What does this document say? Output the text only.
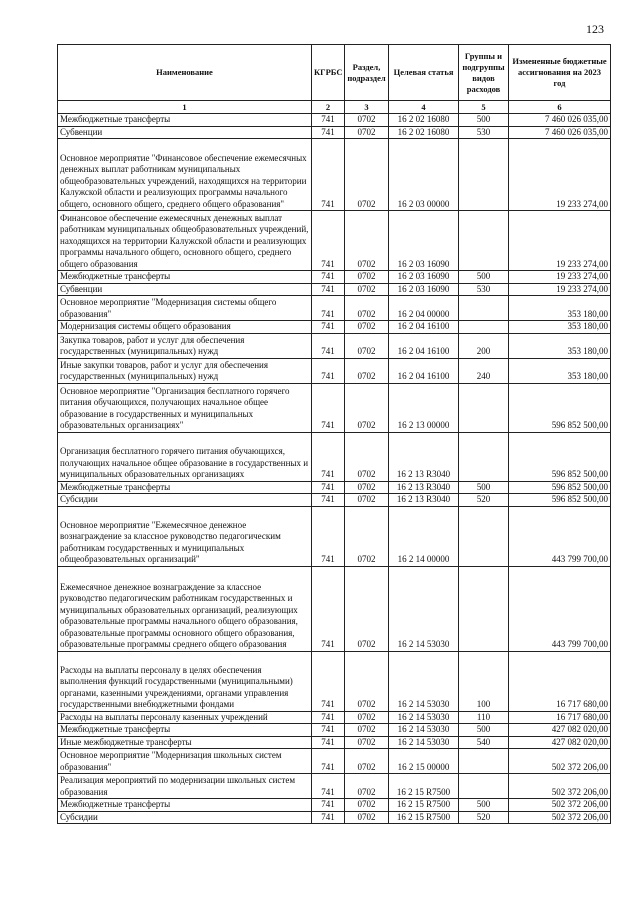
123
Наименование	КГРБС	Раздел, подраздел	Целевая статья	Группы и подгруппы видов расходов	Измененные бюджетные ассигнования на 2023 год
1	2	3	4	5	6
Межбюджетные трансферты	741	0702	16 2 02 16080	500	7 460 026 035,00
Субвенции	741	0702	16 2 02 16080	530	7 460 026 035,00
Основное мероприятие "Финансовое обеспечение ежемесячных денежных выплат работникам муниципальных общеобразовательных учреждений, находящихся на территории Калужской области и реализующих программы начального общего, основного общего, среднего общего образования"	741	0702	16 2 03 00000		19 233 274,00
Финансовое обеспечение ежемесячных денежных выплат работникам муниципальных общеобразовательных учреждений, находящихся на территории Калужской области и реализующих программы начального общего, основного общего, среднего общего образования	741	0702	16 2 03 16090		19 233 274,00
Межбюджетные трансферты	741	0702	16 2 03 16090	500	19 233 274,00
Субвенции	741	0702	16 2 03 16090	530	19 233 274,00
Основное мероприятие "Модернизация системы общего образования"	741	0702	16 2 04 00000		353 180,00
Модернизация системы общего образования	741	0702	16 2 04 16100		353 180,00
Закупка товаров, работ и услуг для обеспечения государственных (муниципальных) нужд	741	0702	16 2 04 16100	200	353 180,00
Иные закупки товаров, работ и услуг для обеспечения государственных (муниципальных) нужд	741	0702	16 2 04 16100	240	353 180,00
Основное мероприятие "Организация бесплатного горячего питания обучающихся, получающих начальное общее образование в государственных и муниципальных образовательных организациях"	741	0702	16 2 13 00000		596 852 500,00
Организация бесплатного горячего питания обучающихся, получающих начальное общее образование в государственных и муниципальных образовательных организациях	741	0702	16 2 13 R3040		596 852 500,00
Межбюджетные трансферты	741	0702	16 2 13 R3040	500	596 852 500,00
Субсидии	741	0702	16 2 13 R3040	520	596 852 500,00
Основное мероприятие "Ежемесячное денежное вознаграждение за классное руководство педагогическим работникам государственных и муниципальных общеобразовательных организаций"	741	0702	16 2 14 00000		443 799 700,00
Ежемесячное денежное вознаграждение за классное руководство педагогическим работникам государственных и муниципальных образовательных организаций, реализующих образовательные программы начального общего образования, образовательные программы основного общего образования, образовательные программы среднего общего образования	741	0702	16 2 14 53030		443 799 700,00
Расходы на выплаты персоналу в целях обеспечения выполнения функций государственными (муниципальными) органами, казенными учреждениями, органами управления государственными внебюджетными фондами	741	0702	16 2 14 53030	100	16 717 680,00
Расходы на выплаты персоналу казенных учреждений	741	0702	16 2 14 53030	110	16 717 680,00
Межбюджетные трансферты	741	0702	16 2 14 53030	500	427 082 020,00
Иные межбюджетные трансферты	741	0702	16 2 14 53030	540	427 082 020,00
Основное мероприятие "Модернизация школьных систем образования"	741	0702	16 2 15 00000		502 372 206,00
Реализация мероприятий по модернизации школьных систем образования	741	0702	16 2 15 R7500		502 372 206,00
Межбюджетные трансферты	741	0702	16 2 15 R7500	500	502 372 206,00
Субсидии	741	0702	16 2 15 R7500	520	502 372 206,00
